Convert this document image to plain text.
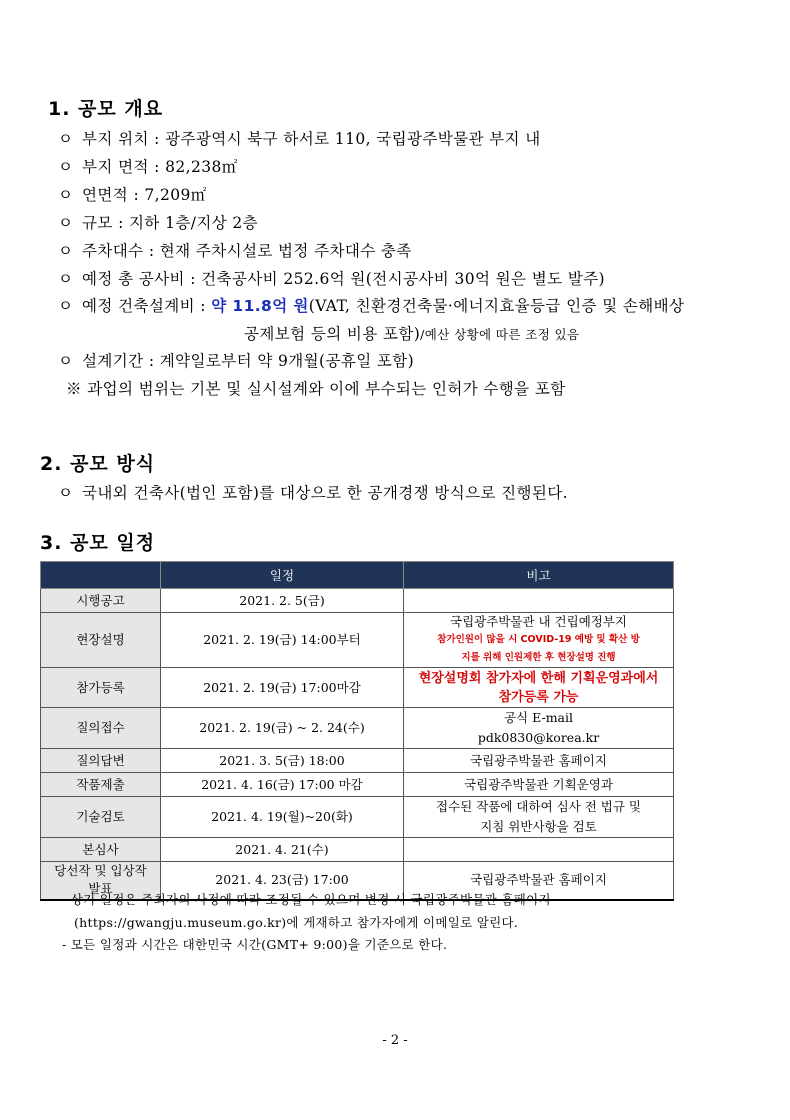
1. 공모 개요
ㅇ 부지 위치 : 광주광역시 북구 하서로 110, 국립광주박물관 부지 내
ㅇ 부지 면적 : 82,238㎡
ㅇ 연면적 : 7,209㎡
ㅇ 규모 : 지하 1층/지상 2층
ㅇ 주차대수 : 현재 주차시설로 법정 주차대수 충족
ㅇ 예정 총 공사비 : 건축공사비 252.6억 원(전시공사비 30억 원은 별도 발주)
ㅇ 예정 건축설계비 : 약 11.8억 원(VAT, 친환경건축물·에너지효율등급 인증 및 손해배상
공제보험 등의 비용 포함)/예산 상황에 따른 조정 있음
ㅇ 설계기간 : 계약일로부터 약 9개월(공휴일 포함)
※ 과업의 범위는 기본 및 실시설계와 이에 부수되는 인허가 수행을 포함
2. 공모 방식
ㅇ 국내외 건축사(법인 포함)를 대상으로 한 공개경쟁 방식으로 진행된다.
3. 공모 일정
	일정	비고
시행공고	2021. 2. 5(금)	
현장설명	2021. 2. 19(금) 14:00부터	국립광주박물관 내 건립예정부지
참가인원이 많을 시 COVID-19 예방 및 확산 방
지를 위해 인원제한 후 현장설명 진행

참가등록	2021. 2. 19(금) 17:00마감	현장설명회 참가자에 한해 기획운영과에서
참가등록 가능

질의접수	2021. 2. 19(금) ~ 2. 24(수)	공식 E-mail
pdk0830@korea.kr

질의답변	2021. 3. 5(금) 18:00	국립광주박물관 홈페이지
작품제출	2021. 4. 16(금) 17:00 마감	국립광주박물관 기획운영과
기술검토	2021. 4. 19(월)~20(화)	접수된 작품에 대하여 심사 전 법규 및
지침 위반사항을 검토

본심사	2021. 4. 21(수)	

당선작 및 입상작
발표	2021. 4. 23(금) 17:00	국립광주박물관 홈페이지
- 상기 일정은 주최자의 사정에 따라 조정될 수 있으며 변경 시 국립광주박물관 홈페이지
(https://gwangju.museum.go.kr)에 게재하고 참가자에게 이메일로 알린다.
- 모든 일정과 시간은 대한민국 시간(GMT+ 9:00)을 기준으로 한다.
- 2 -
